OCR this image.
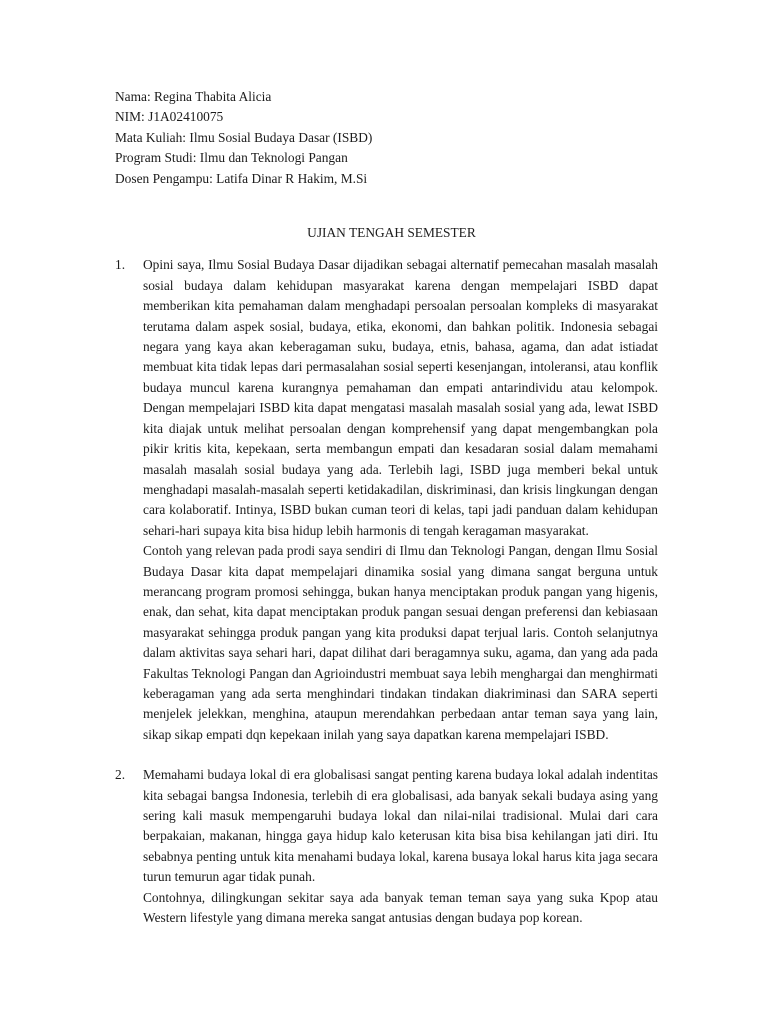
Nama: Regina Thabita Alicia
NIM: J1A02410075
Mata Kuliah: Ilmu Sosial Budaya Dasar (ISBD)
Program Studi: Ilmu dan Teknologi Pangan
Dosen Pengampu: Latifa Dinar R Hakim, M.Si
UJIAN TENGAH SEMESTER
1. Opini saya, Ilmu Sosial Budaya Dasar dijadikan sebagai alternatif pemecahan masalah masalah sosial budaya dalam kehidupan masyarakat karena dengan mempelajari ISBD dapat memberikan kita pemahaman dalam menghadapi persoalan persoalan kompleks di masyarakat terutama dalam aspek sosial, budaya, etika, ekonomi, dan bahkan politik. Indonesia sebagai negara yang kaya akan keberagaman suku, budaya, etnis, bahasa, agama, dan adat istiadat membuat kita tidak lepas dari permasalahan sosial seperti kesenjangan, intoleransi, atau konflik budaya muncul karena kurangnya pemahaman dan empati antarindividu atau kelompok. Dengan mempelajari ISBD kita dapat mengatasi masalah masalah sosial yang ada, lewat ISBD kita diajak untuk melihat persoalan dengan komprehensif yang dapat mengembangkan pola pikir kritis kita, kepekaan, serta membangun empati dan kesadaran sosial dalam memahami masalah masalah sosial budaya yang ada. Terlebih lagi, ISBD juga memberi bekal untuk menghadapi masalah-masalah seperti ketidakadilan, diskriminasi, dan krisis lingkungan dengan cara kolaboratif. Intinya, ISBD bukan cuman teori di kelas, tapi jadi panduan dalam kehidupan sehari-hari supaya kita bisa hidup lebih harmonis di tengah keragaman masyarakat.

Contoh yang relevan pada prodi saya sendiri di Ilmu dan Teknologi Pangan, dengan Ilmu Sosial Budaya Dasar kita dapat mempelajari dinamika sosial yang dimana sangat berguna untuk merancang program promosi sehingga, bukan hanya menciptakan produk pangan yang higenis, enak, dan sehat, kita dapat menciptakan produk pangan sesuai dengan preferensi dan kebiasaan masyarakat sehingga produk pangan yang kita produksi dapat terjual laris. Contoh selanjutnya dalam aktivitas saya sehari hari, dapat dilihat dari beragamnya suku, agama, dan yang ada pada Fakultas Teknologi Pangan dan Agrioindustri membuat saya lebih menghargai dan menghirmati keberagaman yang ada serta menghindari tindakan tindakan diakriminasi dan SARA seperti menjelek jelekkan, menghina, ataupun merendahkan perbedaan antar teman saya yang lain, sikap sikap empati dqn kepekaan inilah yang saya dapatkan karena mempelajari ISBD.

2. Memahami budaya lokal di era globalisasi sangat penting karena budaya lokal adalah indentitas kita sebagai bangsa Indonesia, terlebih di era globalisasi, ada banyak sekali budaya asing yang sering kali masuk mempengaruhi budaya lokal dan nilai-nilai tradisional. Mulai dari cara berpakaian, makanan, hingga gaya hidup kalo keterusan kita bisa bisa kehilangan jati diri. Itu sebabnya penting untuk kita menahami budaya lokal, karena busaya lokal harus kita jaga secara turun temurun agar tidak punah.

Contohnya, dilingkungan sekitar saya ada banyak teman teman saya yang suka Kpop atau Western lifestyle yang dimana mereka sangat antusias dengan budaya pop korean.
